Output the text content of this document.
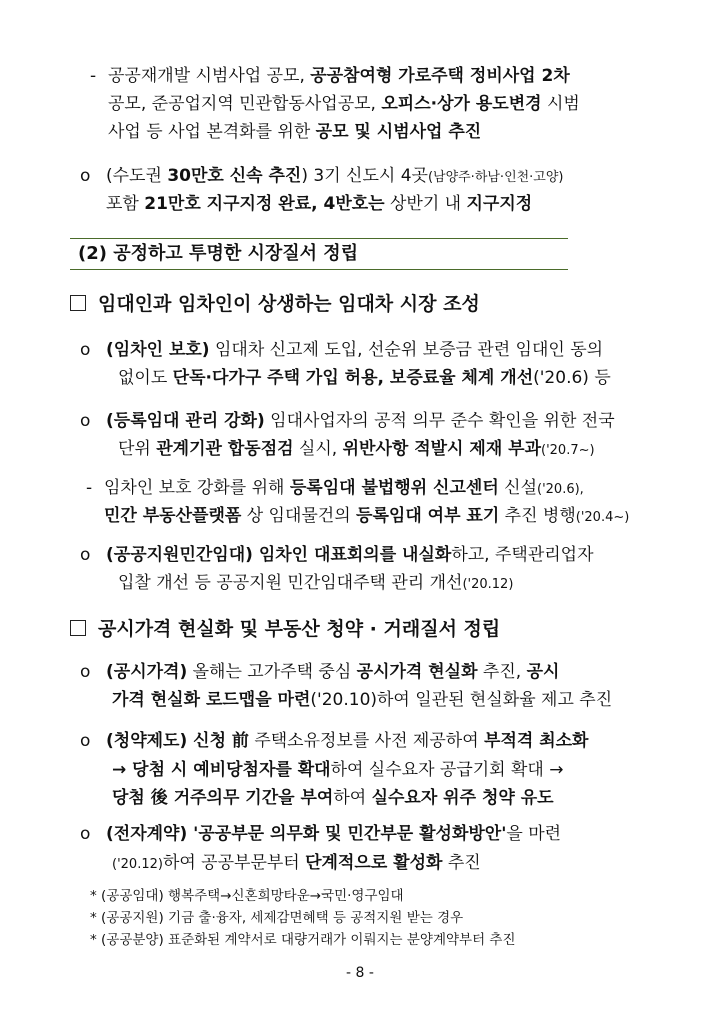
- 공공재개발 시범사업 공모, 공공참여형 가로주택 정비사업 2차
공모, 준공업지역 민관합동사업공모, 오피스·상가 용도변경 시범
사업 등 사업 본격화를 위한 공모 및 시범사업 추진
ο (수도권 30만호 신속 추진) 3기 신도시 4곳(남양주·하남·인천·고양)
포함 21만호 지구지정 완료, 4반호는 상반기 내 지구지정
(2) 공정하고 투명한 시장질서 정립
임대인과 임차인이 상생하는 임대차 시장 조성
ο (임차인 보호) 임대차 신고제 도입, 선순위 보증금 관련 임대인 동의
없이도 단독·다가구 주택 가입 허용, 보증료율 체계 개선('20.6) 등
ο (등록임대 관리 강화) 임대사업자의 공적 의무 준수 확인을 위한 전국
단위 관계기관 합동점검 실시, 위반사항 적발시 제재 부과('20.7~)
- 임차인 보호 강화를 위해 등록임대 불법행위 신고센터 신설('20.6),
민간 부동산플랫폼 상 임대물건의 등록임대 여부 표기 추진 병행('20.4~)
ο (공공지원민간임대) 임차인 대표회의를 내실화하고, 주택관리업자
입찰 개선 등 공공지원 민간임대주택 관리 개선('20.12)
공시가격 현실화 및 부동산 청약 · 거래질서 정립
ο (공시가격) 올해는 고가주택 중심 공시가격 현실화 추진, 공시
가격 현실화 로드맵을 마련('20.10)하여 일관된 현실화율 제고 추진
ο (청약제도) 신청 前 주택소유정보를 사전 제공하여 부적격 최소화
→ 당첨 시 예비당첨자를 확대하여 실수요자 공급기회 확대 →
당첨 後 거주의무 기간을 부여하여 실수요자 위주 청약 유도
ο (전자계약) '공공부문 의무화 및 민간부문 활성화방안'을 마련
('20.12)하여 공공부문부터 단계적으로 활성화 추진
* (공공임대) 행복주택→신혼희망타운→국민·영구임대
* (공공지원) 기금 출·융자, 세제감면혜택 등 공적지원 받는 경우
* (공공분양) 표준화된 계약서로 대량거래가 이뤄지는 분양계약부터 추진
- 8 -
